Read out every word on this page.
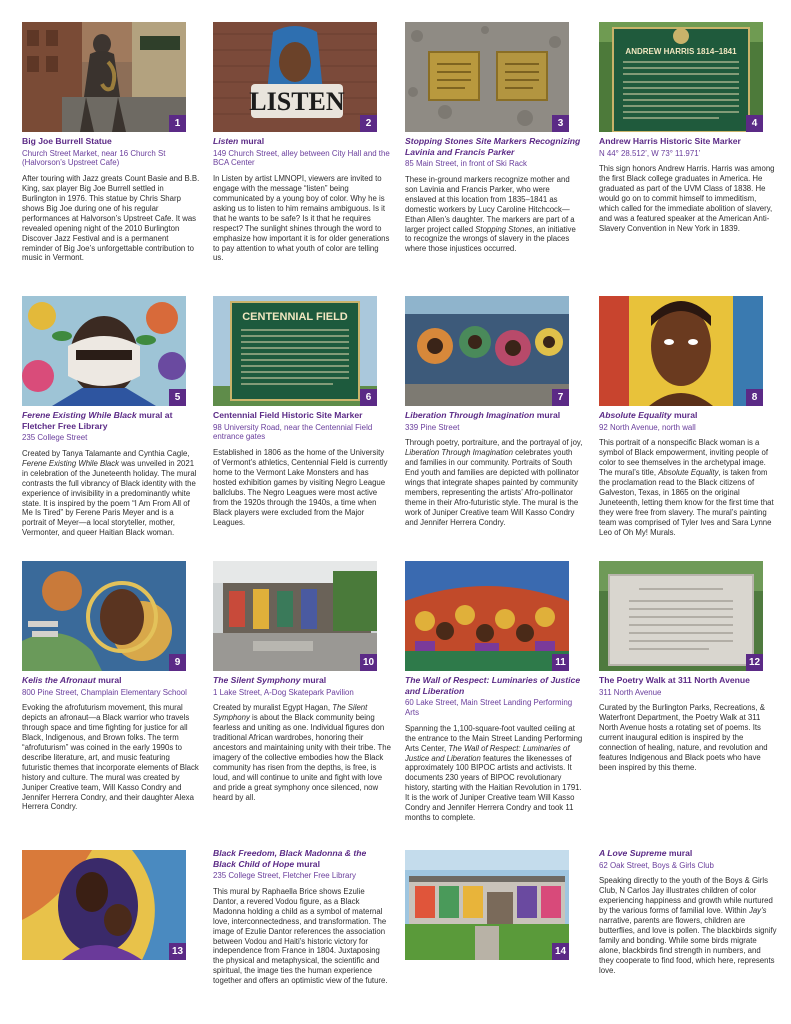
1
Big Joe Burrell Statue
Church Street Market, near 16 Church St (Halvorson’s Upstreet Cafe)
After touring with Jazz greats Count Basie and B.B. King, sax player Big Joe Burrell settled in Burlington in 1976. This statue by Chris Sharp shows Big Joe during one of his regular performances at Halvorson’s Upstreet Cafe. It was revealed opening night of the 2010 Burlington Discover Jazz Festival and is a permanent reminder of Big Joe’s unforgettable contribution to music in Vermont.
LISTEN
2
Listen mural
149 Church Street, alley between City Hall and the BCA Center
In Listen by artist LMNOPI, viewers are invited to engage with the message “listen” being communicated by a young boy of color. Why he is asking us to listen to him remains ambiguous. Is it that he wants to be safe? Is it that he requires respect? The sunlight shines through the word to emphasize how important it is for older generations to pay attention to what youth of color are telling us.
3
Stopping Stones Site Markers Recognizing Lavinia and Francis Parker
85 Main Street, in front of Ski Rack
These in-ground markers recognize mother and son Lavinia and Francis Parker, who were enslaved at this location from 1835–1841 as domestic workers by Lucy Caroline Hitchcock—Ethan Allen’s daughter. The markers are part of a larger project called Stopping Stones, an initiative to recognize the wrongs of slavery in the places where those injustices occurred.
ANDREW HARRIS 1814–1841
4
Andrew Harris Historic Site Marker
N 44° 28.512’, W 73° 11.971’
This sign honors Andrew Harris. Harris was among the first Black college graduates in America. He graduated as part of the UVM Class of 1838. He would go on to commit himself to immeditism, which called for the immediate abolition of slavery, and was a featured speaker at the American Anti-Slavery Convention in New York in 1839.
5
Ferene Existing While Black mural at Fletcher Free Library
235 College Street
Created by Tanya Talamante and Cynthia Cagle, Ferene Existing While Black was unveiled in 2021 in celebration of the Juneteenth holiday. The mural contrasts the full vibrancy of Black identity with the experience of invisibility in a predominantly white state. It is inspired by the poem “I Am From All of Me Is Tired” by Ferene Paris Meyer and is a portrait of Meyer—a local storyteller, mother, Vermonter, and queer Haitian Black woman.
CENTENNIAL FIELD
6
Centennial Field Historic Site Marker
98 University Road, near the Centennial Field entrance gates
Established in 1806 as the home of the University of Vermont’s athletics, Centennial Field is currently home to the Vermont Lake Monsters and has hosted exhibition games by visiting Negro League ballclubs. The Negro Leagues were most active from the 1920s through the 1940s, a time when Black players were excluded from the Major Leagues.
7
Liberation Through Imagination mural
339 Pine Street
Through poetry, portraiture, and the portrayal of joy, Liberation Through Imagination celebrates youth and families in our community. Portraits of South End youth and families are depicted with pollinator wings that integrate shapes painted by community members, representing the artists’ Afro-pollinator theme in their Afro-futuristic style. The mural is the work of Juniper Creative team Will Kasso Condry and Jennifer Herrera Condry.
8
Absolute Equality mural
92 North Avenue, north wall
This portrait of a nonspecific Black woman is a symbol of Black empowerment, inviting people of color to see themselves in the archetypal image. The mural’s title, Absolute Equality, is taken from the proclamation read to the Black citizens of Galveston, Texas, in 1865 on the original Juneteenth, letting them know for the first time that they were free from slavery. The mural’s painting team was comprised of Tyler Ives and Sara Lynne Leo of Oh My! Murals.
9
Kelis the Afronaut mural
800 Pine Street, Champlain Elementary School
Evoking the afrofuturism movement, this mural depicts an afronaut—a Black warrior who travels through space and time fighting for justice for all Black, Indigenous, and Brown folks. The term “afrofuturism” was coined in the early 1990s to describe literature, art, and music featuring futuristic themes that incorporate elements of Black history and culture. The mural was created by Juniper Creative team, Will Kasso Condry and Jennifer Herrera Condry, and their daughter Alexa Herrera Condry.
10
The Silent Symphony mural
1 Lake Street, A-Dog Skatepark Pavilion
Created by muralist Egypt Hagan, The Silent Symphony is about the Black community being fearless and uniting as one. Individual figures don traditional African wardrobes, honoring their ancestors and maintaining unity with their tribe. The imagery of the collective embodies how the Black community has risen from the depths, is free, is loud, and will continue to unite and fight with love and pride a great symphony once silenced, now heard by all.
11
The Wall of Respect: Luminaries of Justice and Liberation
60 Lake Street, Main Street Landing Performing Arts
Spanning the 1,100-square-foot vaulted ceiling at the entrance to the Main Street Landing Performing Arts Center, The Wall of Respect: Luminaries of Justice and Liberation features the likenesses of approximately 100 BIPOC artists and activists. It documents 230 years of BIPOC revolutionary history, starting with the Haitian Revolution in 1791. It is the work of Juniper Creative team Will Kasso Condry and Jennifer Herrera Condry and took 11 months to complete.
12
The Poetry Walk at 311 North Avenue
311 North Avenue
Curated by the Burlington Parks, Recreations, & Waterfront Department, the Poetry Walk at 311 North Avenue hosts a rotating set of poems. Its current inaugural edition is inspired by the connection of healing, nature, and revolution and features Indigenous and Black poets who have been inspired by this theme.
13
Black Freedom, Black Madonna & the Black Child of Hope mural
235 College Street, Fletcher Free Library
This mural by Raphaella Brice shows Ezulie Dantor, a revered Vodou figure, as a Black Madonna holding a child as a symbol of maternal love, interconnectedness, and transformation. The image of Ezulie Dantor references the association between Vodou and Haiti’s historic victory for independence from France in 1804. Juxtaposing the physical and metaphysical, the scientific and spiritual, the image ties the human experience together and offers an optimistic view of the future.
14
A Love Supreme mural
62 Oak Street, Boys & Girls Club
Speaking directly to the youth of the Boys & Girls Club, N Carlos Jay illustrates children of color experiencing happiness and growth while nurtured by the various forms of familial love. Within Jay’s narrative, parents are flowers, children are butterflies, and love is pollen. The blackbirds signify family and bonding. While some birds migrate alone, blackbirds find strength in numbers, and they cooperate to find food, which here, represents love.
